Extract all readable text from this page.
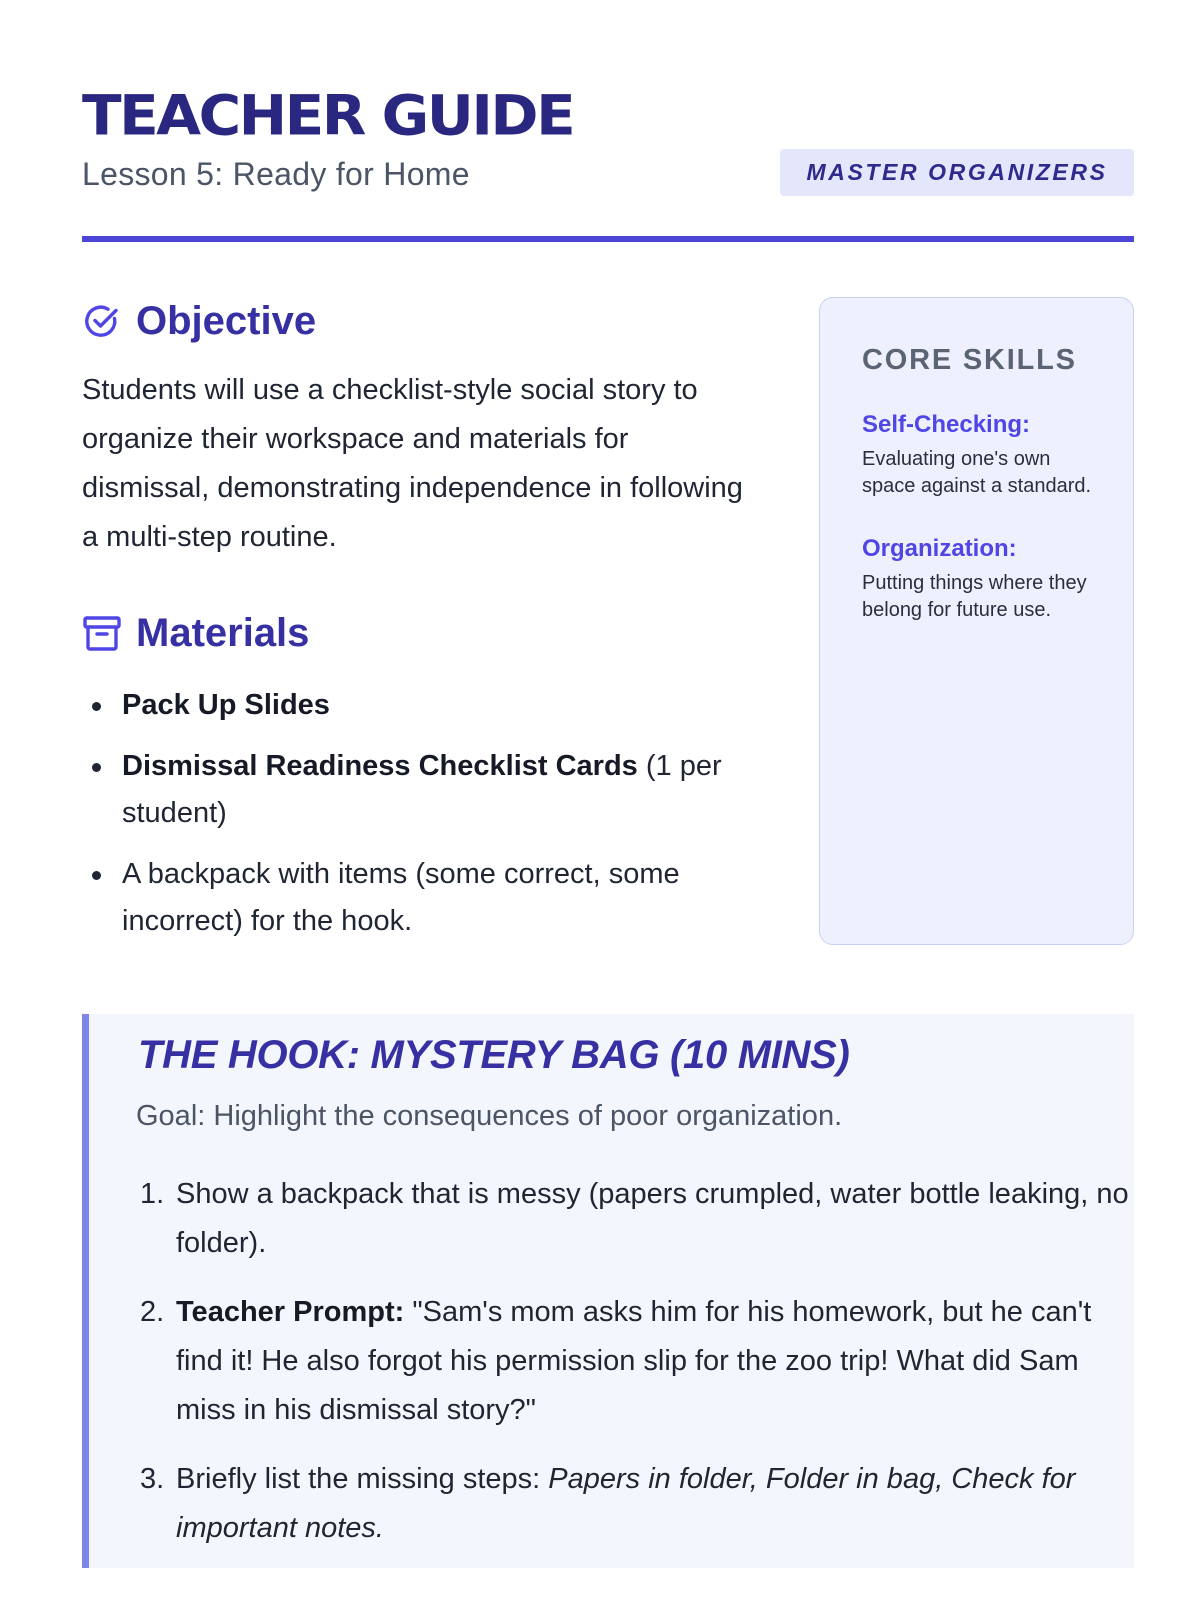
TEACHER GUIDE
Lesson 5: Ready for Home	MASTER ORGANIZERS
Objective

Students will use a checklist-style social story to organize their workspace and materials for dismissal, demonstrating independence in following a multi-step routine.

Materials
Pack Up Slides
Dismissal Readiness Checklist Cards (1 per student)
A backpack with items (some correct, some incorrect) for the hook.
CORE SKILLS
Self-Checking:
Evaluating one's own space against a standard.
Organization:
Putting things where they belong for future use.
THE HOOK: MYSTERY BAG (10 MINS)
Goal: Highlight the consequences of poor organization.
1. Show a backpack that is messy (papers crumpled, water bottle leaking, no folder).
2. Teacher Prompt: "Sam's mom asks him for his homework, but he can't find it! He also forgot his permission slip for the zoo trip! What did Sam miss in his dismissal story?"
3. Briefly list the missing steps: Papers in folder, Folder in bag, Check for important notes.
